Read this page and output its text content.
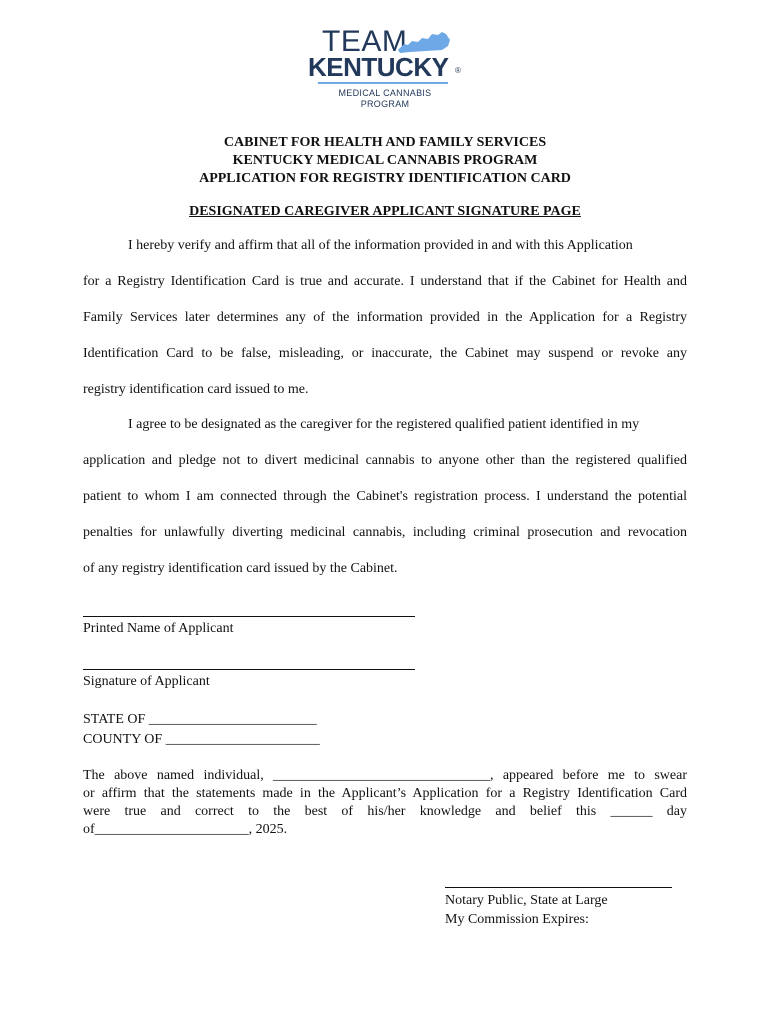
TEAM
KENTUCKY ®
MEDICAL CANNABIS
PROGRAM
CABINET FOR HEALTH AND FAMILY SERVICES
KENTUCKY MEDICAL CANNABIS PROGRAM
APPLICATION FOR REGISTRY IDENTIFICATION CARD
DESIGNATED CAREGIVER APPLICANT SIGNATURE PAGE
I hereby verify and affirm that all of the information provided in and with this Application
for a Registry Identification Card is true and accurate. I understand that if the Cabinet for Health and
Family Services later determines any of the information provided in the Application for a Registry
Identification Card to be false, misleading, or inaccurate, the Cabinet may suspend or revoke any
registry identification card issued to me.
I agree to be designated as the caregiver for the registered qualified patient identified in my
application and pledge not to divert medicinal cannabis to anyone other than the registered qualified
patient to whom I am connected through the Cabinet's registration process. I understand the potential
penalties for unlawfully diverting medicinal cannabis, including criminal prosecution and revocation
of any registry identification card issued by the Cabinet.
Printed Name of Applicant
Signature of Applicant
STATE OF ________________________
COUNTY OF ______________________
The above named individual, _______________________________, appeared before me to swear
or affirm that the statements made in the Applicant’s Application for a Registry Identification Card
were true and correct to the best of his/her knowledge and belief this ______ day
of______________________, 2025.
Notary Public, State at Large
My Commission Expires:
